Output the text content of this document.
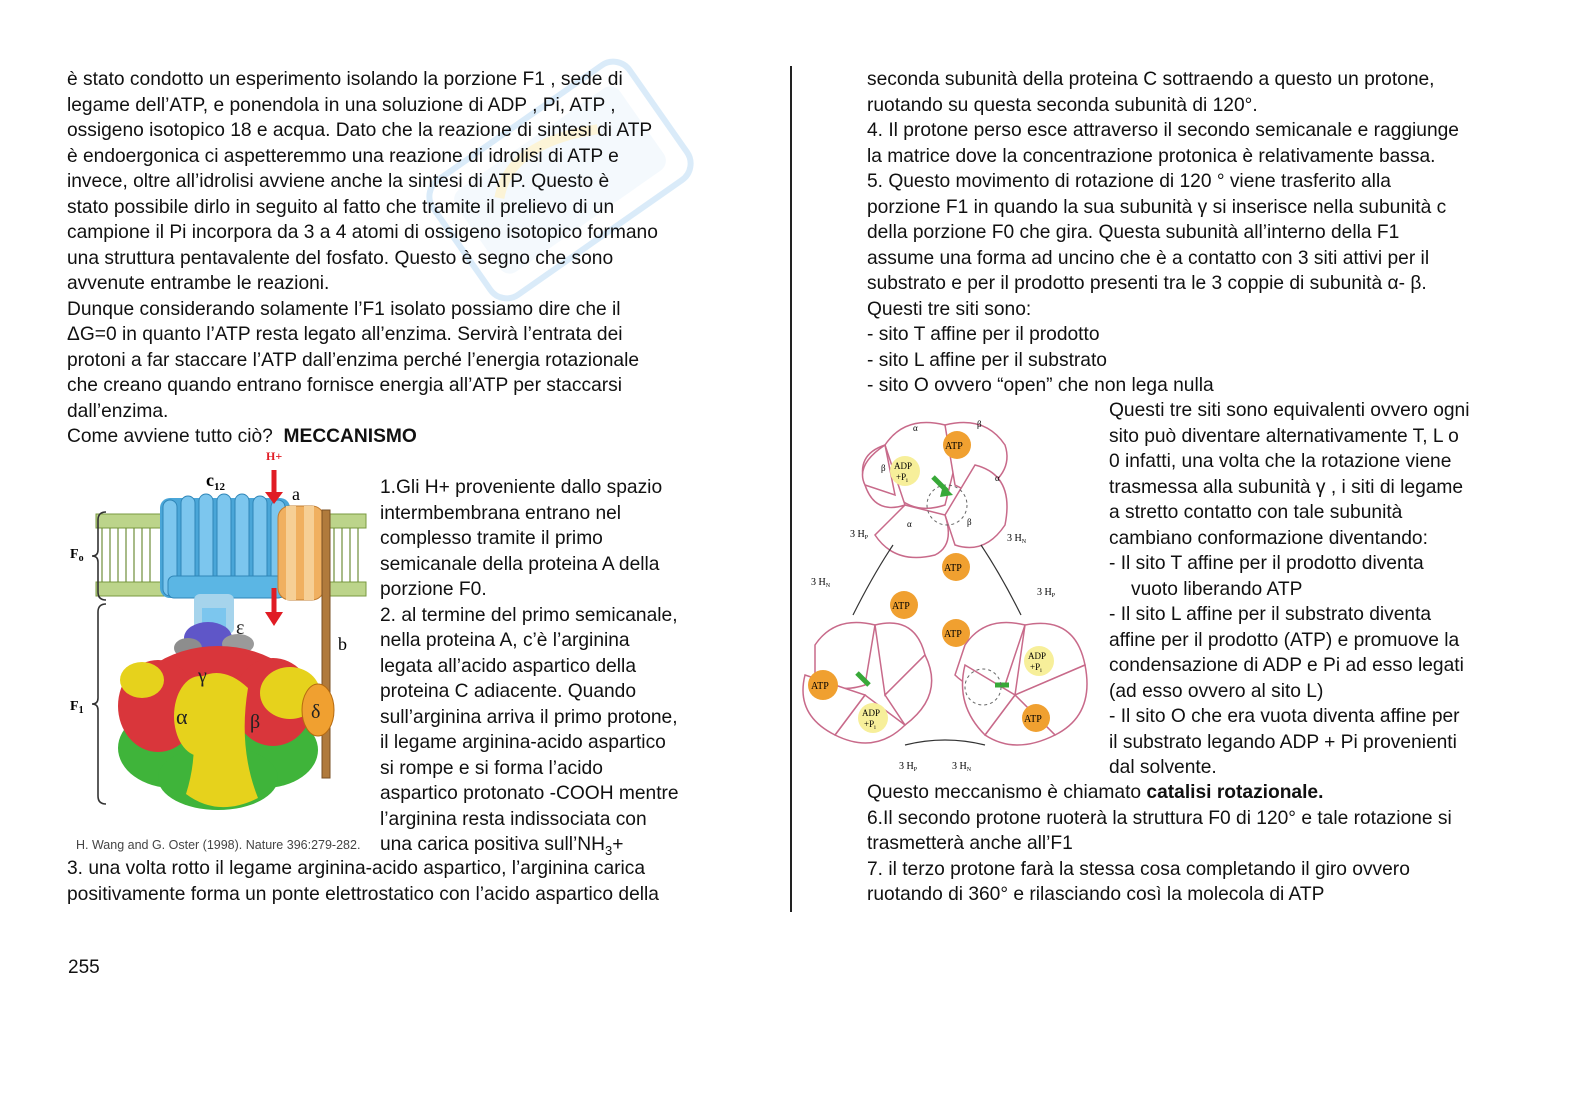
è stato condotto un esperimento isolando la porzione F1 , sede di

legame dell’ATP, e ponendola in una soluzione di ADP , Pi, ATP ,

ossigeno isotopico 18 e acqua. Dato che la reazione di sintesi di ATP

è endoergonica ci aspetteremmo una reazione di idrolisi di ATP e

invece, oltre all’idrolisi avviene anche la sintesi di ATP. Questo è

stato possibile dirlo in seguito al fatto che tramite il prelievo di un

campione il Pi incorpora da 3 a 4 atomi di ossigeno isotopico formano

una struttura pentavalente del fosfato. Questo è segno che sono

avvenute entrambe le reazioni.

Dunque considerando solamente l’F1 isolato possiamo dire che il

ΔG=0 in quanto l’ATP resta legato all’enzima. Servirà l’entrata dei

protoni a far staccare l’ATP dall’enzima perché l’energia rotazionale

che creano quando entrano fornisce energia all’ATP per staccarsi

dall’enzima.

Come avviene tutto ciò? MECCANISMO

$c_{12}$
H+
a
b
$F_o$
$F_1$
ε
γ
α	β	δ
H. Wang and G. Oster (1998). Nature 396:279-282.

1.Gli H+ proveniente dallo spazio

intermbembrana entrano nel

complesso tramite il primo

semicanale della proteina A della

porzione F0.

2. al termine del primo semicanale,

nella proteina A, c’è l’arginina

legata all’acido aspartico della

proteina C adiacente. Quando

sull’arginina arriva il primo protone,

il legame arginina-acido aspartico

si rompe e si forma l’acido

aspartico protonato -COOH mentre

l’arginina resta indissociata con

una carica positiva $sull’NH_3+$

3. una volta rotto il legame arginina-acido aspartico, l’arginina carica

positivamente forma un ponte elettrostatico con l’acido aspartico della

seconda subunità della proteina C sottraendo a questo un protone,

ruotando su questa seconda subunità di 120°.

4. Il protone perso esce attraverso il secondo semicanale e raggiunge

la matrice dove la concentrazione protonica è relativamente bassa.

5. Questo movimento di rotazione di 120 ° viene trasferito alla

porzione F1 in quando la sua subunità γ si inserisce nella subunità c

della porzione F0 che gira. Questa subunità all’interno della F1

assume una forma ad uncino che è a contatto con 3 siti attivi per il

substrato e per il prodotto presenti tra le 3 coppie di subunità α- β.

Questi tre siti sono:

- sito T affine per il prodotto

- sito L affine per il substrato

- sito O ovvero “open” che non lega nulla

ATP
ADP
$+P_i$
α	β
α
β
α	β
ATP
ATP
ATP
ATP
ADP
$+P_i$
ADP
$+P_i$
ATP
3 $H_P$
3 $H_N$
3 $H_N$
3 $H_P$
3 $H_P$	3 $H_N$

Questi tre siti sono equivalenti ovvero ogni

sito può diventare alternativamente T, L o

0 infatti, una volta che la rotazione viene

trasmessa alla subunità γ , i siti di legame

a stretto contatto con tale subunità

cambiano conformazione diventando:

- Il sito T affine per il prodotto diventa

vuoto liberando ATP

- Il sito L affine per il substrato diventa

affine per il prodotto (ATP) e promuove la

condensazione di ADP e Pi ad esso legati

(ad esso ovvero al sito L)

- Il sito O che era vuota diventa affine per

il substrato legando ADP + Pi provenienti

dal solvente.

Questo meccanismo è chiamato catalisi rotazionale.

6.Il secondo protone ruoterà la struttura F0 di 120° e tale rotazione si

trasmetterà anche all’F1

7. il terzo protone farà la stessa cosa completando il giro ovvero

ruotando di 360° e rilasciando così la molecola di ATP

255
